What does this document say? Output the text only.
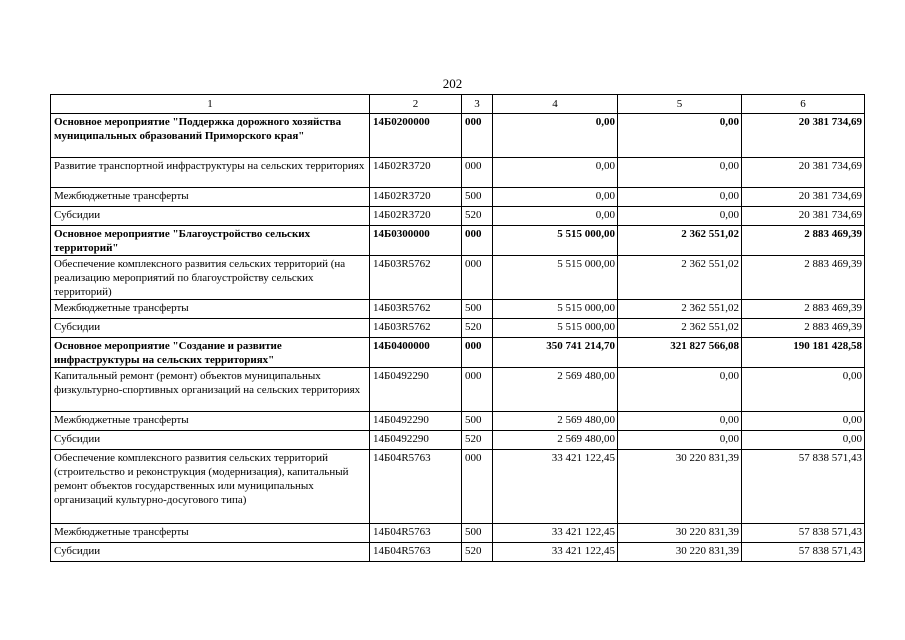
202
1	2	3	4	5	6
Основное мероприятие "Поддержка дорожного хозяйства муниципальных образований Приморского края"	14Б0200000	000	0,00	0,00	20 381 734,69
Развитие транспортной инфраструктуры на сельских территориях	14Б02R3720	000	0,00	0,00	20 381 734,69
Межбюджетные трансферты	14Б02R3720	500	0,00	0,00	20 381 734,69
Субсидии	14Б02R3720	520	0,00	0,00	20 381 734,69
Основное мероприятие "Благоустройство сельских территорий"	14Б0300000	000	5 515 000,00	2 362 551,02	2 883 469,39
Обеспечение комплексного развития сельских территорий (на реализацию мероприятий по благоустройству сельских территорий)	14Б03R5762	000	5 515 000,00	2 362 551,02	2 883 469,39
Межбюджетные трансферты	14Б03R5762	500	5 515 000,00	2 362 551,02	2 883 469,39
Субсидии	14Б03R5762	520	5 515 000,00	2 362 551,02	2 883 469,39
Основное мероприятие "Создание и развитие инфраструктуры на сельских территориях"	14Б0400000	000	350 741 214,70	321 827 566,08	190 181 428,58
Капитальный ремонт (ремонт) объектов муниципальных физкультурно-спортивных организаций на сельских территориях	14Б0492290	000	2 569 480,00	0,00	0,00
Межбюджетные трансферты	14Б0492290	500	2 569 480,00	0,00	0,00
Субсидии	14Б0492290	520	2 569 480,00	0,00	0,00
Обеспечение комплексного развития сельских территорий (строительство и реконструкция (модернизация), капитальный ремонт объектов государственных или муниципальных организаций культурно-досугового типа)	14Б04R5763	000	33 421 122,45	30 220 831,39	57 838 571,43
Межбюджетные трансферты	14Б04R5763	500	33 421 122,45	30 220 831,39	57 838 571,43
Субсидии	14Б04R5763	520	33 421 122,45	30 220 831,39	57 838 571,43
